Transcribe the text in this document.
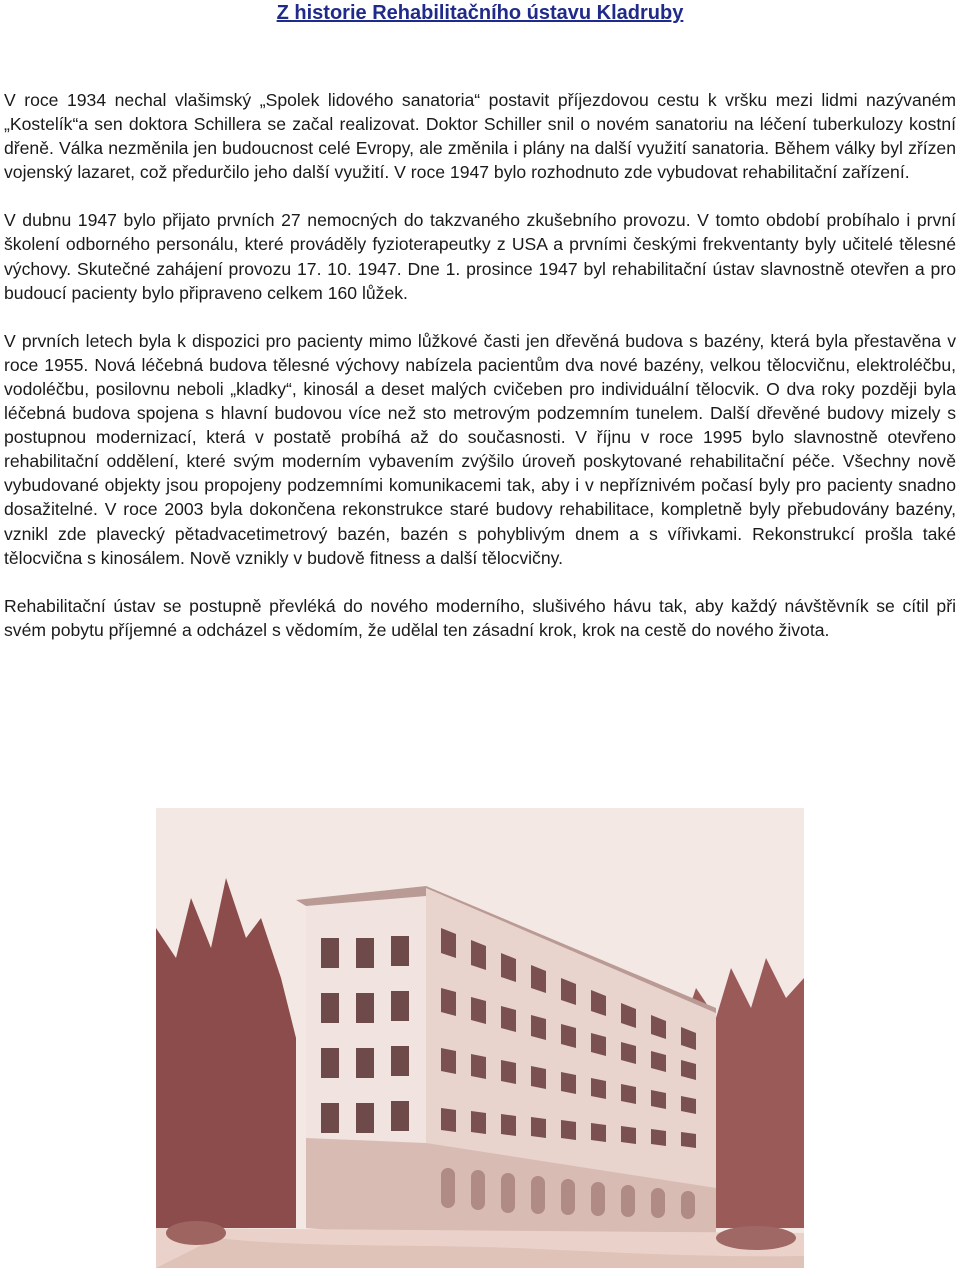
Z historie Rehabilitačního ústavu Kladruby

V roce 1934 nechal vlašimský „Spolek lidového sanatoria“ postavit příjezdovou cestu k vršku mezi lidmi nazývaném „Kostelík“a sen doktora Schillera se začal realizovat. Doktor Schiller snil o novém sanatoriu na léčení tuberkulozy kostní dřeně. Válka nezměnila jen budoucnost celé Evropy, ale změnila i plány na další využití sanatoria. Během války byl zřízen vojenský lazaret, což předurčilo jeho další využití. V roce 1947 bylo rozhodnuto zde vybudovat rehabilitační zařízení.

V dubnu 1947 bylo přijato prvních 27 nemocných do takzvaného zkušebního provozu. V tomto období probíhalo i první školení odborného personálu, které prováděly fyzioterapeutky z USA a prvními českými frekventanty byly učitelé tělesné výchovy. Skutečné zahájení provozu 17. 10. 1947. Dne 1. prosince 1947 byl rehabilitační ústav slavnostně otevřen a pro budoucí pacienty bylo připraveno celkem 160 lůžek.

V prvních letech byla k dispozici pro pacienty mimo lůžkové časti jen dřevěná budova s bazény, která byla přestavěna v roce 1955. Nová léčebná budova tělesné výchovy nabízela pacientům dva nové bazény, velkou tělocvičnu, elektroléčbu, vodoléčbu, posilovnu neboli „kladky“, kinosál a deset malých cvičeben pro individuální tělocvik. O dva roky později byla léčebná budova spojena s hlavní budovou více než sto metrovým podzemním tunelem. Další dřevěné budovy mizely s postupnou modernizací, která v postatě probíhá až do současnosti. V říjnu v roce 1995 bylo slavnostně otevřeno rehabilitační oddělení, které svým moderním vybavením zvýšilo úroveň poskytované rehabilitační péče. Všechny nově vybudované objekty jsou propojeny podzemními komunikacemi tak, aby i v nepříznivém počasí byly pro pacienty snadno dosažitelné. V roce 2003 byla dokončena rekonstrukce staré budovy rehabilitace, kompletně byly přebudovány bazény, vznikl zde plavecký pětadvacetimetrový bazén, bazén s pohyblivým dnem a s vířivkami. Rekonstrukcí prošla také tělocvična s kinosálem. Nově vznikly v budově fitness a další tělocvičny.

Rehabilitační ústav se postupně převléká do nového moderního, slušivého hávu tak, aby každý návštěvník se cítil při svém pobytu příjemné a odcházel s vědomím, že udělal ten zásadní krok, krok na cestě do nového života.
